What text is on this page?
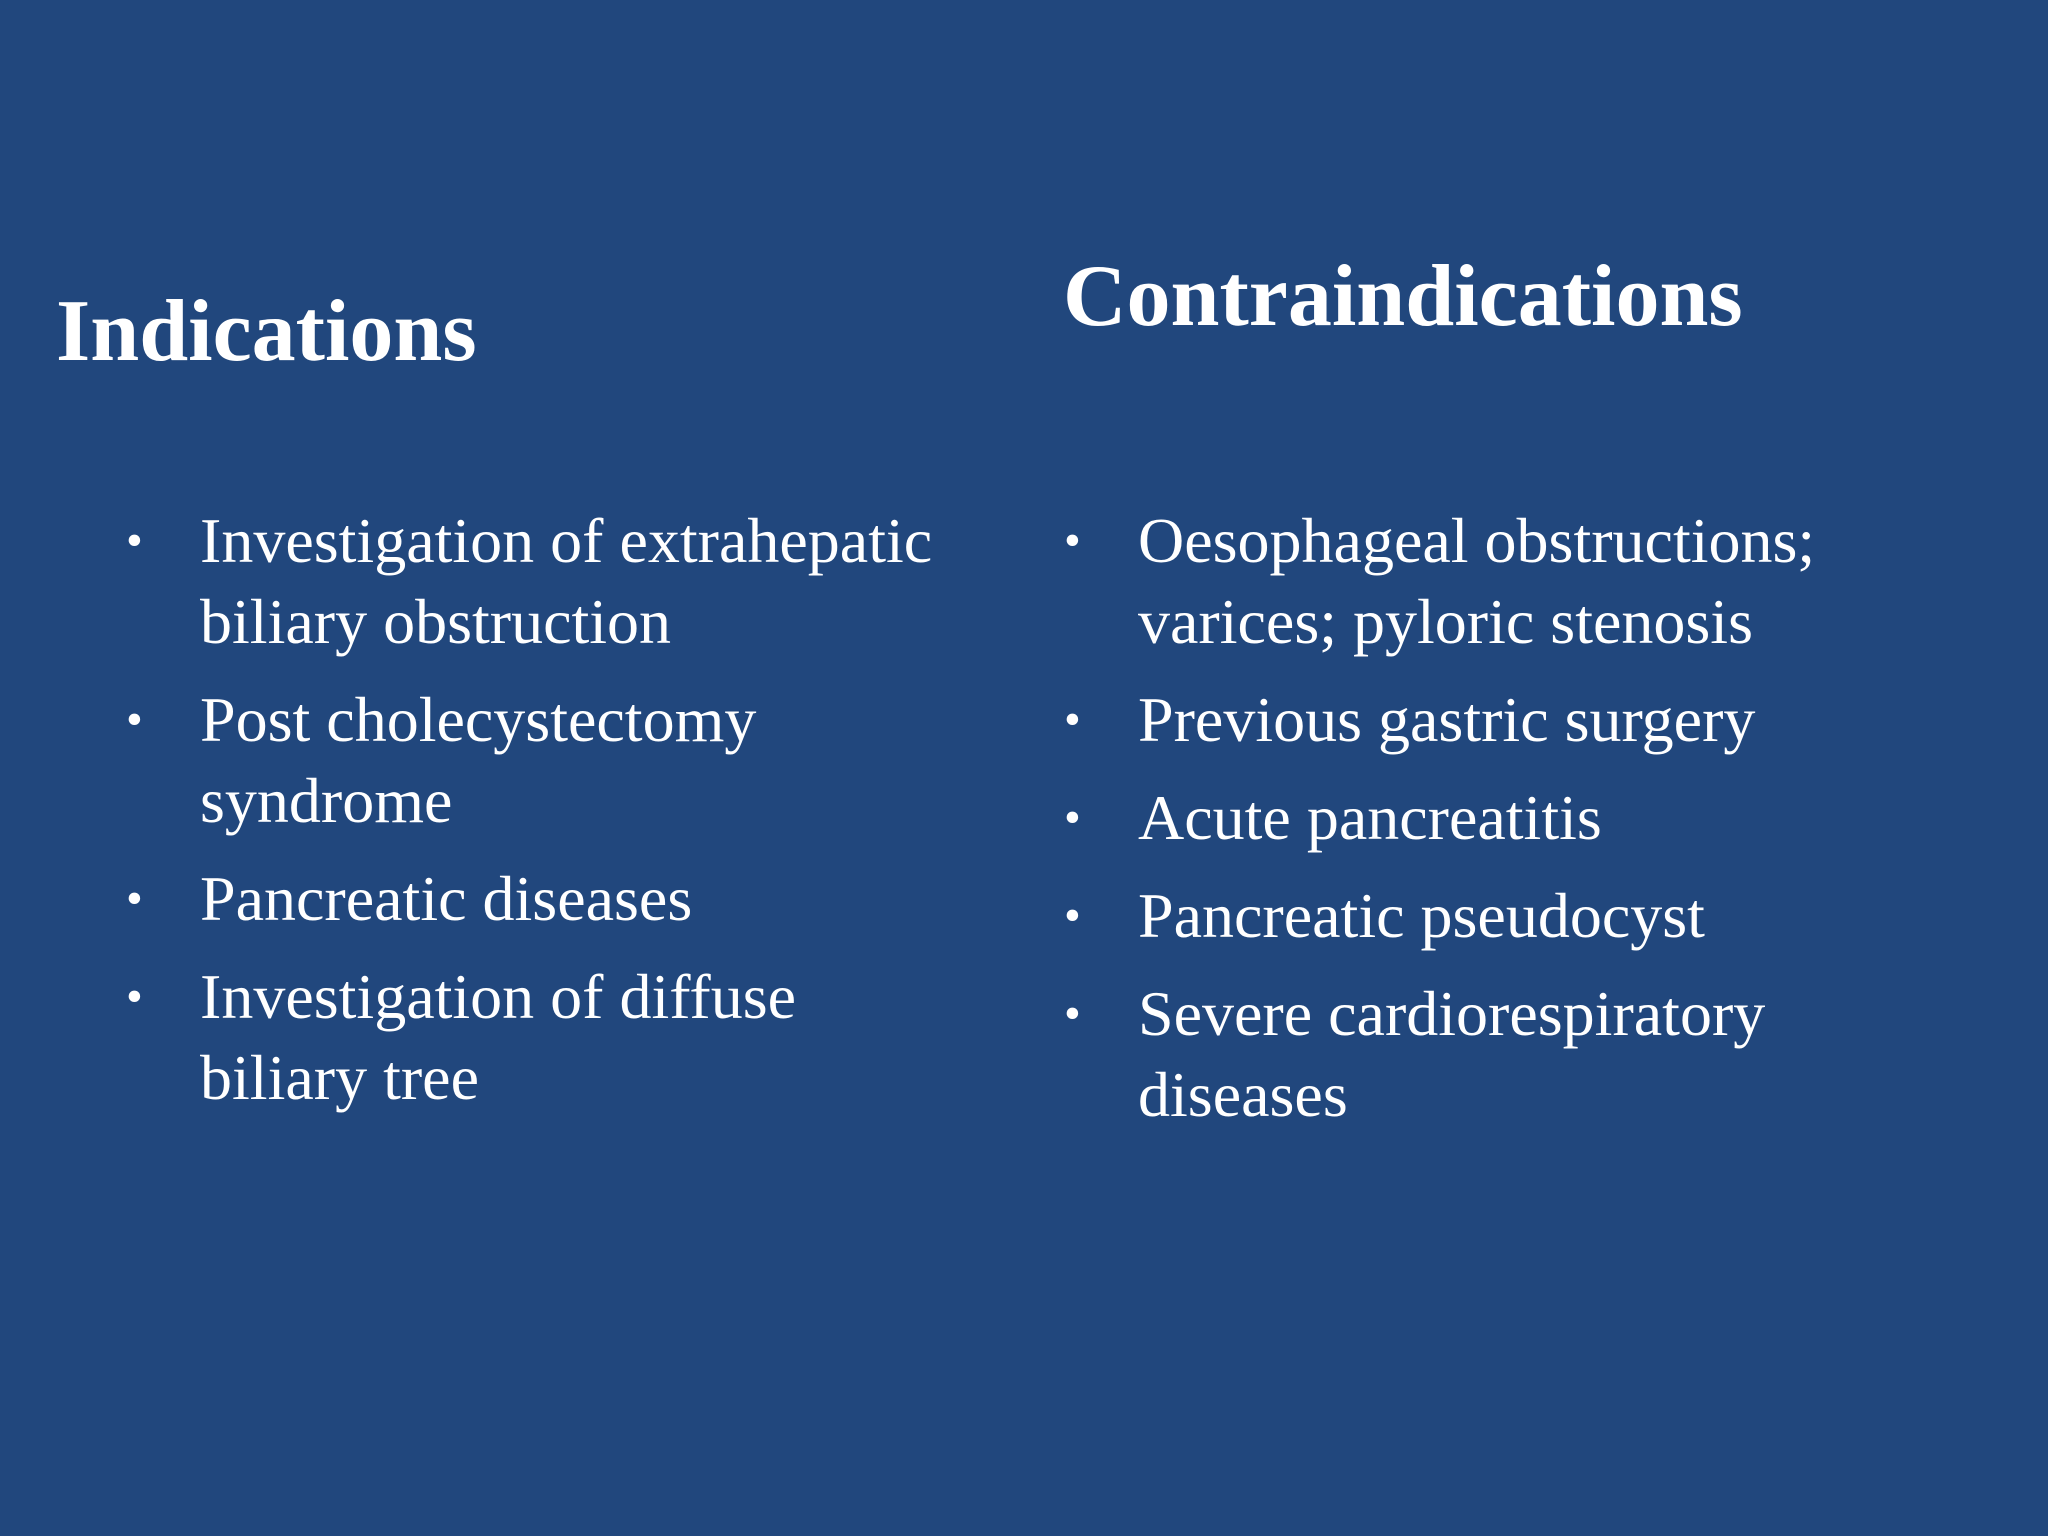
Indications	Contraindications
• Investigation of extrahepatic
biliary obstruction
• Post cholecystectomy
syndrome
• Pancreatic diseases
• Investigation of diffuse
biliary tree
• Oesophageal obstructions;
varices; pyloric stenosis
• Previous gastric surgery
• Acute pancreatitis
• Pancreatic pseudocyst
• Severe cardiorespiratory
diseases
